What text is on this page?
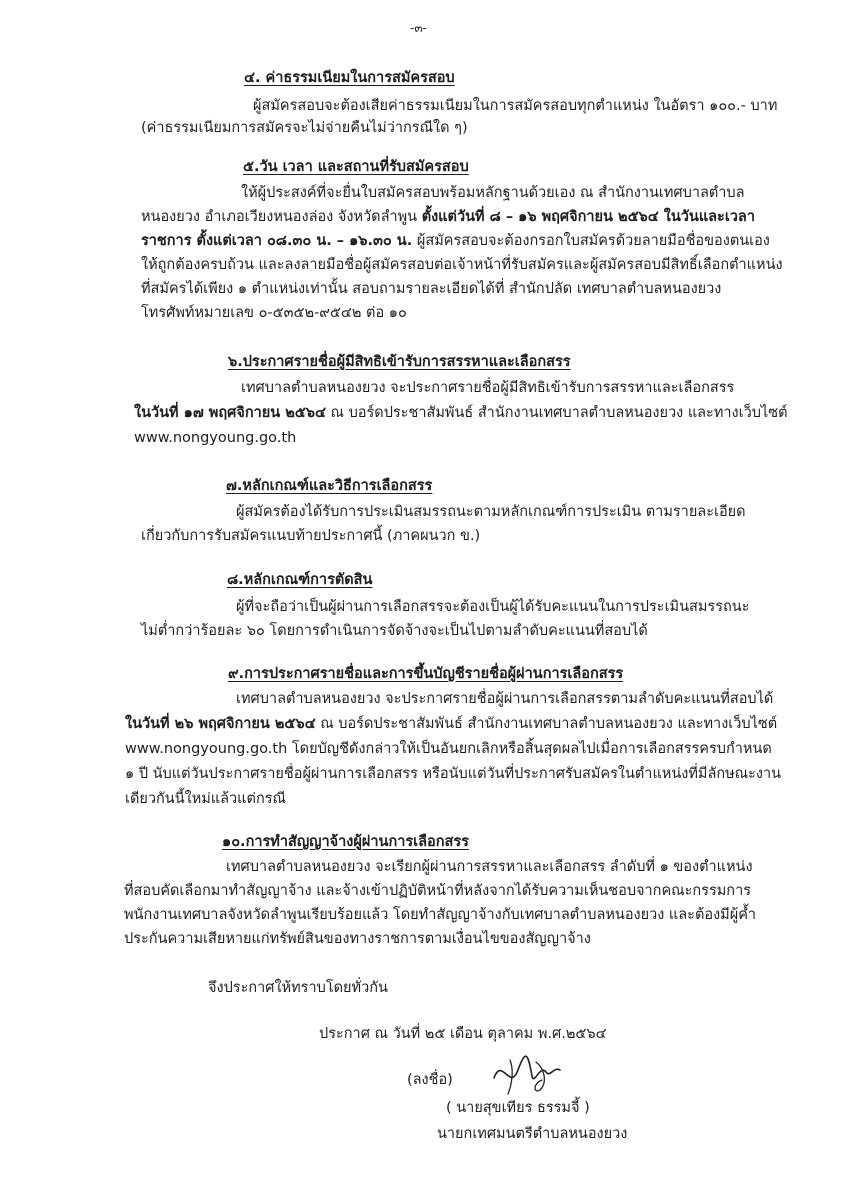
-๓-
๔. ค่าธรรมเนียมในการสมัครสอบ
ผู้สมัครสอบจะต้องเสียค่าธรรมเนียมในการสมัครสอบทุกตำแหน่ง ในอัตรา ๑๐๐.- บาท
(ค่าธรรมเนียมการสมัครจะไม่จ่ายคืนไม่ว่ากรณีใด ๆ)
๕.วัน เวลา และสถานที่รับสมัครสอบ
ให้ผู้ประสงค์ที่จะยื่นใบสมัครสอบพร้อมหลักฐานด้วยเอง ณ สำนักงานเทศบาลตำบล
หนองยวง อำเภอเวียงหนองล่อง จังหวัดลำพูน ตั้งแต่วันที่ ๘ – ๑๖ พฤศจิกายน ๒๕๖๔ ในวันและเวลา
ราชการ ตั้งแต่เวลา ๐๘.๓๐ น. – ๑๖.๓๐ น. ผู้สมัครสอบจะต้องกรอกใบสมัครด้วยลายมือชื่อของตนเอง
ให้ถูกต้องครบถ้วน และลงลายมือชื่อผู้สมัครสอบต่อเจ้าหน้าที่รับสมัครและผู้สมัครสอบมีสิทธิ์เลือกตำแหน่ง
ที่สมัครได้เพียง ๑ ตำแหน่งเท่านั้น สอบถามรายละเอียดได้ที่ สำนักปลัด เทศบาลตำบลหนองยวง
โทรศัพท์หมายเลข ๐-๕๓๕๒-๙๕๔๒ ต่อ ๑๐
๖.ประกาศรายชื่อผู้มีสิทธิเข้ารับการสรรหาและเลือกสรร
เทศบาลตำบลหนองยวง จะประกาศรายชื่อผู้มีสิทธิเข้ารับการสรรหาและเลือกสรร
ในวันที่ ๑๗ พฤศจิกายน ๒๕๖๔ ณ บอร์ดประชาสัมพันธ์ สำนักงานเทศบาลตำบลหนองยวง และทางเว็บไซต์
www.nongyoung.go.th
๗.หลักเกณฑ์และวิธีการเลือกสรร
ผู้สมัครต้องได้รับการประเมินสมรรถนะตามหลักเกณฑ์การประเมิน ตามรายละเอียด
เกี่ยวกับการรับสมัครแนบท้ายประกาศนี้ (ภาคผนวก ข.)
๘.หลักเกณฑ์การตัดสิน
ผู้ที่จะถือว่าเป็นผู้ผ่านการเลือกสรรจะต้องเป็นผู้ได้รับคะแนนในการประเมินสมรรถนะ
ไม่ต่ำกว่าร้อยละ ๖๐ โดยการดำเนินการจัดจ้างจะเป็นไปตามลำดับคะแนนที่สอบได้
๙.การประกาศรายชื่อและการขึ้นบัญชีรายชื่อผู้ผ่านการเลือกสรร
เทศบาลตำบลหนองยวง จะประกาศรายชื่อผู้ผ่านการเลือกสรรตามลำดับคะแนนที่สอบได้
ในวันที่ ๒๖ พฤศจิกายน ๒๕๖๔ ณ บอร์ดประชาสัมพันธ์ สำนักงานเทศบาลตำบลหนองยวง และทางเว็บไซต์
www.nongyoung.go.th โดยบัญชีดังกล่าวให้เป็นอันยกเลิกหรือสิ้นสุดผลไปเมื่อการเลือกสรรครบกำหนด
๑ ปี นับแต่วันประกาศรายชื่อผู้ผ่านการเลือกสรร หรือนับแต่วันที่ประกาศรับสมัครในตำแหน่งที่มีลักษณะงาน
เดียวกันนี้ใหม่แล้วแต่กรณี
๑๐.การทำสัญญาจ้างผู้ผ่านการเลือกสรร
เทศบาลตำบลหนองยวง จะเรียกผู้ผ่านการสรรหาและเลือกสรร ลำดับที่ ๑ ของตำแหน่ง
ที่สอบคัดเลือกมาทำสัญญาจ้าง และจ้างเข้าปฏิบัติหน้าที่หลังจากได้รับความเห็นชอบจากคณะกรรมการ
พนักงานเทศบาลจังหวัดลำพูนเรียบร้อยแล้ว โดยทำสัญญาจ้างกับเทศบาลตำบลหนองยวง และต้องมีผู้ค้ำ
ประกันความเสียหายแก่ทรัพย์สินของทางราชการตามเงื่อนไขของสัญญาจ้าง
จึงประกาศให้ทราบโดยทั่วกัน
ประกาศ ณ วันที่ ๒๕ เดือน ตุลาคม พ.ศ.๒๕๖๔
(ลงชื่อ)
( นายสุขเทียร ธรรมจี้ )
นายกเทศมนตรีตำบลหนองยวง
